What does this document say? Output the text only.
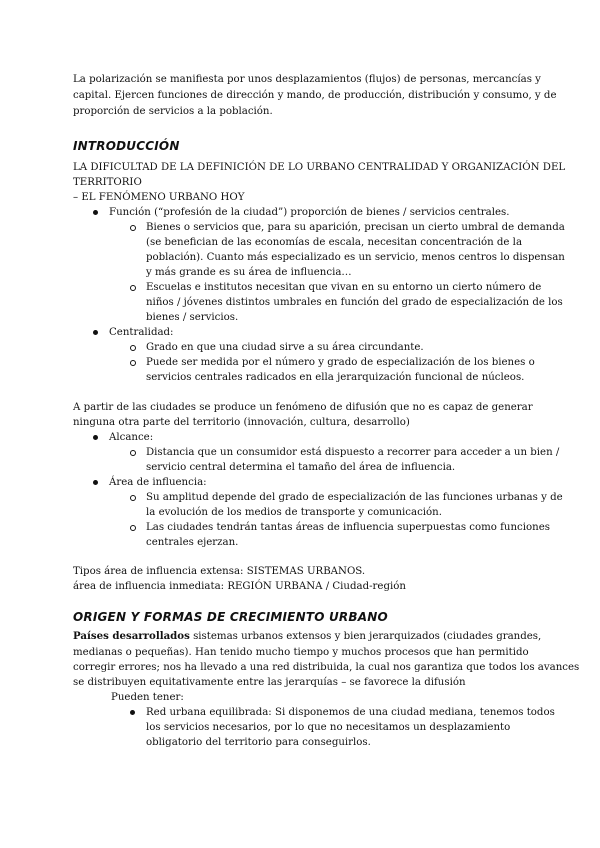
La polarización se manifiesta por unos desplazamientos (flujos) de personas, mercancías y
capital. Ejercen funciones de dirección y mando, de producción, distribución y consumo, y de
proporción de servicios a la población.
INTRODUCCIÓN
LA DIFICULTAD DE LA DEFINICIÓN DE LO URBANO CENTRALIDAD Y ORGANIZACIÓN DEL
TERRITORIO
– EL FENÓMENO URBANO HOY
Función (“profesión de la ciudad”) proporción de bienes / servicios centrales.
Bienes o servicios que, para su aparición, precisan un cierto umbral de demanda
(se benefician de las economías de escala, necesitan concentración de la
población). Cuanto más especializado es un servicio, menos centros lo dispensan
y más grande es su área de influencia…
Escuelas e institutos necesitan que vivan en su entorno un cierto número de
niños / jóvenes distintos umbrales en función del grado de especialización de los
bienes / servicios.
Centralidad:
Grado en que una ciudad sirve a su área circundante.
Puede ser medida por el número y grado de especialización de los bienes o
servicios centrales radicados en ella jerarquización funcional de núcleos.
A partir de las ciudades se produce un fenómeno de difusión que no es capaz de generar
ninguna otra parte del territorio (innovación, cultura, desarrollo)
Alcance:
Distancia que un consumidor está dispuesto a recorrer para acceder a un bien /
servicio central determina el tamaño del área de influencia.
Área de influencia:
Su amplitud depende del grado de especialización de las funciones urbanas y de
la evolución de los medios de transporte y comunicación.
Las ciudades tendrán tantas áreas de influencia superpuestas como funciones
centrales ejerzan.
Tipos área de influencia extensa: SISTEMAS URBANOS.
área de influencia inmediata: REGIÓN URBANA / Ciudad-región
ORIGEN Y FORMAS DE CRECIMIENTO URBANO
Países desarrollados sistemas urbanos extensos y bien jerarquizados (ciudades grandes,
medianas o pequeñas). Han tenido mucho tiempo y muchos procesos que han permitido
corregir errores; nos ha llevado a una red distribuida, la cual nos garantiza que todos los avances
se distribuyen equitativamente entre las jerarquías – se favorece la difusión
Pueden tener:
Red urbana equilibrada: Si disponemos de una ciudad mediana, tenemos todos
los servicios necesarios, por lo que no necesitamos un desplazamiento
obligatorio del territorio para conseguirlos.
